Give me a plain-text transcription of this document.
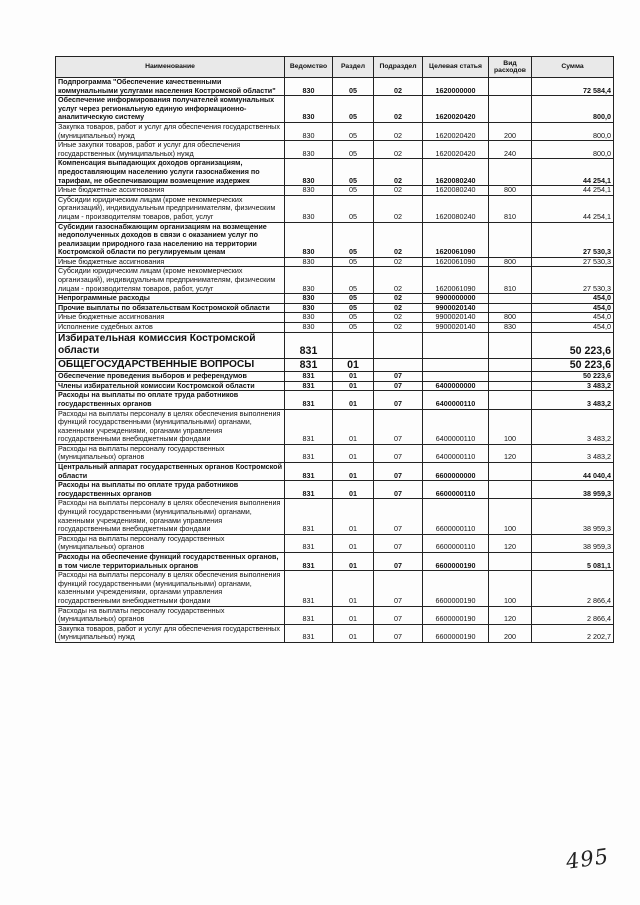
Наименование	Ведомство	Раздел	Подраздел	Целевая статья	Вид расходов	Сумма
Подпрограмма "Обеспечение качественными коммунальными услугами населения Костромской области"	830	05	02	1620000000		72 584,4
Обеспечение информирования получателей коммунальных услуг через региональную единую информационно-аналитическую систему	830	05	02	1620020420		800,0
Закупка товаров, работ и услуг для обеспечения государственных (муниципальных) нужд	830	05	02	1620020420	200	800,0
Иные закупки товаров, работ и услуг для обеспечения государственных (муниципальных) нужд	830	05	02	1620020420	240	800,0
Компенсация выпадающих доходов организациям, предоставляющим населению услуги газоснабжения по тарифам, не обеспечивающим возмещение издержек	830	05	02	1620080240		44 254,1
Иные бюджетные ассигнования	830	05	02	1620080240	800	44 254,1
Субсидии юридическим лицам (кроме некоммерческих организаций), индивидуальным предпринимателям, физическим лицам - производителям товаров, работ, услуг	830	05	02	1620080240	810	44 254,1
Субсидии газоснабжающим организациям на возмещение недополученных доходов в связи с оказанием услуг по реализации природного газа населению на территории Костромской области по регулируемым ценам	830	05	02	1620061090		27 530,3
Иные бюджетные ассигнования	830	05	02	1620061090	800	27 530,3
Субсидии юридическим лицам (кроме некоммерческих организаций), индивидуальным предпринимателям, физическим лицам - производителям товаров, работ, услуг	830	05	02	1620061090	810	27 530,3
Непрограммные расходы	830	05	02	9900000000		454,0
Прочие выплаты по обязательствам Костромской области	830	05	02	9900020140		454,0
Иные бюджетные ассигнования	830	05	02	9900020140	800	454,0
Исполнение судебных актов	830	05	02	9900020140	830	454,0
Избирательная комиссия Костромской области	831					50 223,6
ОБЩЕГОСУДАРСТВЕННЫЕ ВОПРОСЫ	831	01				50 223,6
Обеспечение проведения выборов и референдумов	831	01	07			50 223,6
Члены избирательной комиссии Костромской области	831	01	07	6400000000		3 483,2
Расходы на выплаты по оплате труда работников государственных органов	831	01	07	6400000110		3 483,2
Расходы на выплаты персоналу в целях обеспечения выполнения функций государственными (муниципальными) органами, казенными учреждениями, органами управления государственными внебюджетными фондами	831	01	07	6400000110	100	3 483,2
Расходы на выплаты персоналу государственных (муниципальных) органов	831	01	07	6400000110	120	3 483,2
Центральный аппарат государственных органов Костромской области	831	01	07	6600000000		44 040,4
Расходы на выплаты по оплате труда работников государственных органов	831	01	07	6600000110		38 959,3
Расходы на выплаты персоналу в целях обеспечения выполнения функций государственными (муниципальными) органами, казенными учреждениями, органами управления государственными внебюджетными фондами	831	01	07	6600000110	100	38 959,3
Расходы на выплаты персоналу государственных (муниципальных) органов	831	01	07	6600000110	120	38 959,3
Расходы на обеспечение функций государственных органов, в том числе территориальных органов	831	01	07	6600000190		5 081,1
Расходы на выплаты персоналу в целях обеспечения выполнения функций государственными (муниципальными) органами, казенными учреждениями, органами управления государственными внебюджетными фондами	831	01	07	6600000190	100	2 866,4
Расходы на выплаты персоналу государственных (муниципальных) органов	831	01	07	6600000190	120	2 866,4
Закупка товаров, работ и услуг для обеспечения государственных (муниципальных) нужд	831	01	07	6600000190	200	2 202,7
495
